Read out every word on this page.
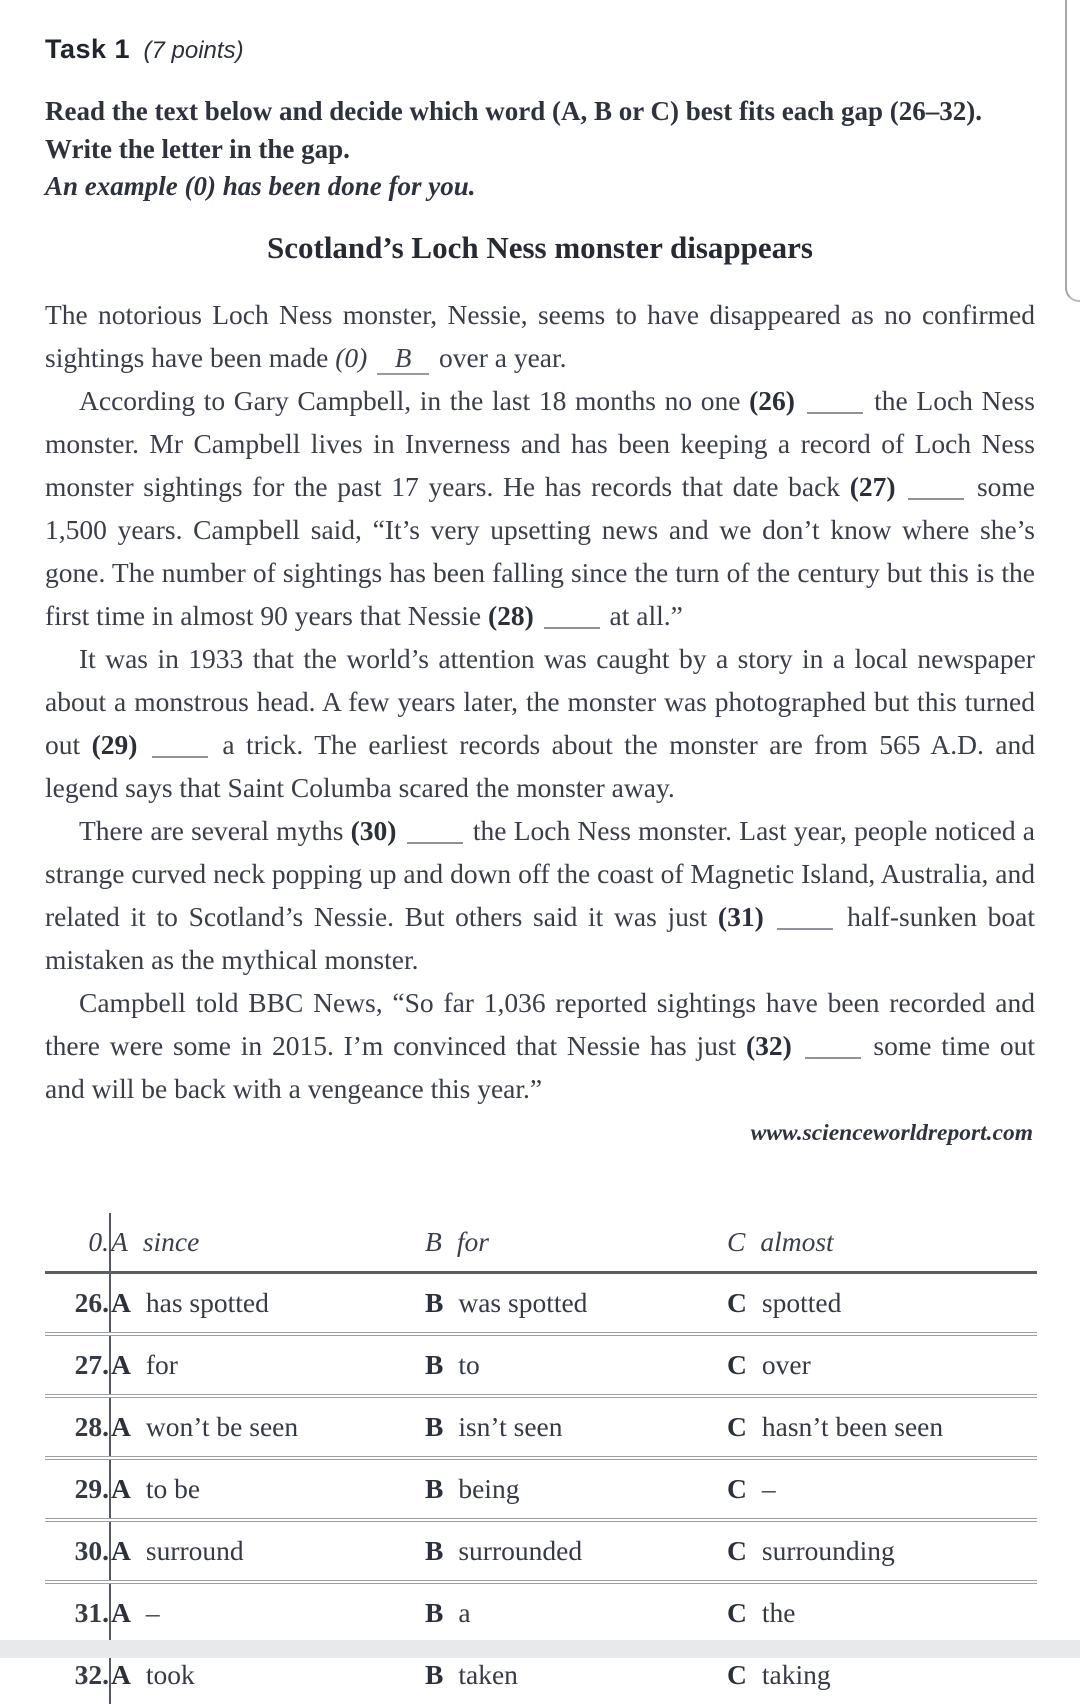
Task 1 (7 points)

Read the text below and decide which word (A, B or C) best fits each gap (26–32).

Write the letter in the gap.

An example (0) has been done for you.

Scotland’s Loch Ness monster disappears

The notorious Loch Ness monster, Nessie, seems to have disappeared as no confirmed sightings have been made (0) B over a year.

According to Gary Campbell, in the last 18 months no one (26)	the Loch Ness monster. Mr Campbell lives in Inverness and has been keeping a record of Loch Ness monster sightings for the past 17 years. He has records that date back (27)	some 1,500 years. Campbell said, “It’s very upsetting news and we don’t know where she’s gone. The number of sightings has been falling since the turn of the century but this is the first time in almost 90 years that Nessie (28)	at all.”

It was in 1933 that the world’s attention was caught by a story in a local newspaper about a monstrous head. A few years later, the monster was photographed but this turned out (29)	a trick. The earliest records about the monster are from 565 A.D. and legend says that Saint Columba scared the monster away.

There are several myths (30)	the Loch Ness monster. Last year, people noticed a strange curved neck popping up and down off the coast of Magnetic Island, Australia, and related it to Scotland’s Nessie. But others said it was just (31)	half-sunken boat mistaken as the mythical monster.

Campbell told BBC News, “So far 1,036 reported sightings have been recorded and there were some in 2015. I’m convinced that Nessie has just (32)	some time out and will be back with a vengeance this year.”

www.scienceworldreport.com
0.	A since	B for	C almost
26.	A has spotted	B was spotted	C spotted
27.	A for	B to	C over
28.	A won’t be seen	B isn’t seen	C hasn’t been seen
29.	A to be	B being	C –
30.	A surround	B surrounded	C surrounding
31.	A –	B a	C the
32.	A took	B taken	C taking
